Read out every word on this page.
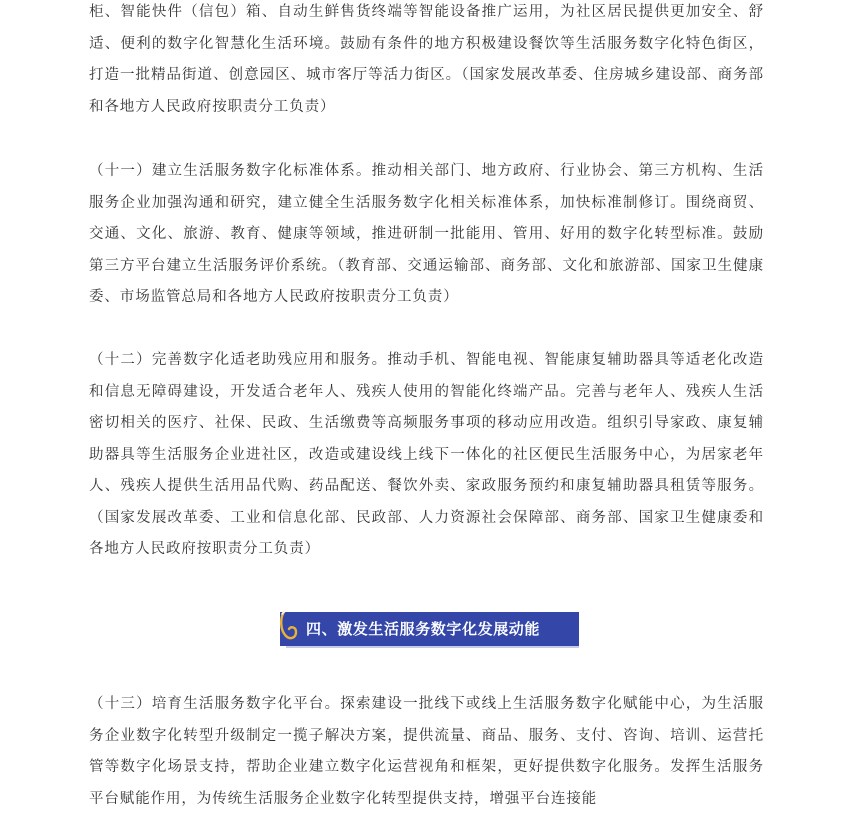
柜、智能快件（信包）箱、自动生鲜售货终端等智能设备推广运用，为社区居民提供更加安全、舒适、便利的数字化智慧化生活环境。鼓励有条件的地方积极建设餐饮等生活服务数字化特色街区，打造一批精品街道、创意园区、城市客厅等活力街区。（国家发展改革委、住房城乡建设部、商务部和各地方人民政府按职责分工负责）

（十一）建立生活服务数字化标准体系。推动相关部门、地方政府、行业协会、第三方机构、生活服务企业加强沟通和研究，建立健全生活服务数字化相关标准体系，加快标准制修订。围绕商贸、交通、文化、旅游、教育、健康等领域，推进研制一批能用、管用、好用的数字化转型标准。鼓励第三方平台建立生活服务评价系统。（教育部、交通运输部、商务部、文化和旅游部、国家卫生健康委、市场监管总局和各地方人民政府按职责分工负责）

（十二）完善数字化适老助残应用和服务。推动手机、智能电视、智能康复辅助器具等适老化改造和信息无障碍建设，开发适合老年人、残疾人使用的智能化终端产品。完善与老年人、残疾人生活密切相关的医疗、社保、民政、生活缴费等高频服务事项的移动应用改造。组织引导家政、康复辅助器具等生活服务企业进社区，改造或建设线上线下一体化的社区便民生活服务中心，为居家老年人、残疾人提供生活用品代购、药品配送、餐饮外卖、家政服务预约和康复辅助器具租赁等服务。（国家发展改革委、工业和信息化部、民政部、人力资源社会保障部、商务部、国家卫生健康委和各地方人民政府按职责分工负责）

（十三）培育生活服务数字化平台。探索建设一批线下或线上生活服务数字化赋能中心，为生活服务企业数字化转型升级制定一揽子解决方案，提供流量、商品、服务、支付、咨询、培训、运营托管等数字化场景支持，帮助企业建立数字化运营视角和框架，更好提供数字化服务。发挥生活服务平台赋能作用，为传统生活服务企业数字化转型提供支持，增强平台连接能

四、激发生活服务数字化发展动能
